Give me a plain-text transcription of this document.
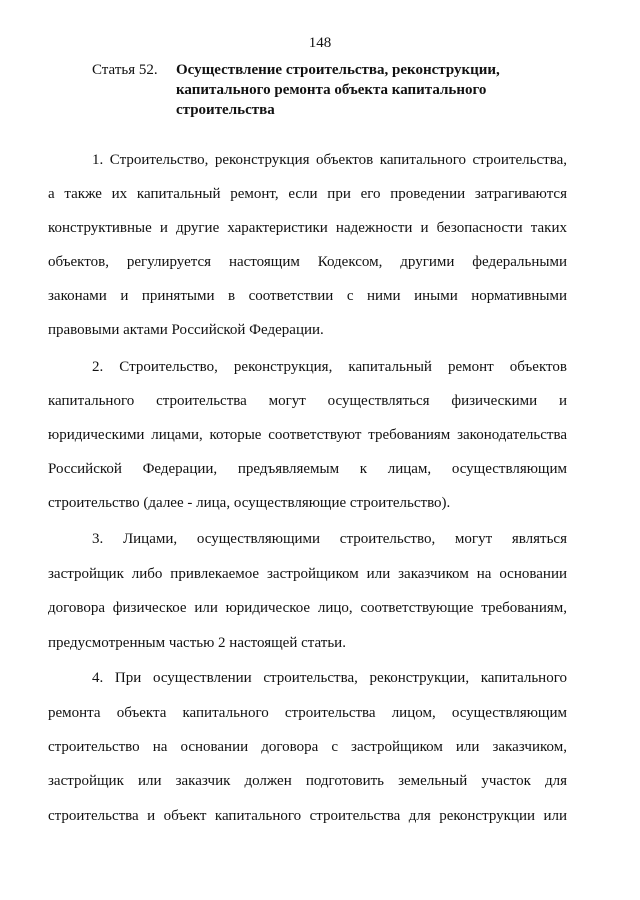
148
Статья 52. Осуществление строительства, реконструкции,
капитального ремонта объекта капитального
строительства
1. Строительство, реконструкция объектов капитального строительства,
а также их капитальный ремонт, если при его проведении затрагиваются
конструктивные и другие характеристики надежности и безопасности таких
объектов, регулируется настоящим Кодексом, другими федеральными
законами и принятыми в соответствии с ними иными нормативными
правовыми актами Российской Федерации.
2. Строительство, реконструкция, капитальный ремонт объектов
капитального строительства могут осуществляться физическими и
юридическими лицами, которые соответствуют требованиям законодательства
Российской Федерации, предъявляемым к лицам, осуществляющим
строительство (далее - лица, осуществляющие строительство).
3. Лицами, осуществляющими строительство, могут являться
застройщик либо привлекаемое застройщиком или заказчиком на основании
договора физическое или юридическое лицо, соответствующие требованиям,
предусмотренным частью 2 настоящей статьи.
4. При осуществлении строительства, реконструкции, капитального
ремонта объекта капитального строительства лицом, осуществляющим
строительство на основании договора с застройщиком или заказчиком,
застройщик или заказчик должен подготовить земельный участок для
строительства и объект капитального строительства для реконструкции или
